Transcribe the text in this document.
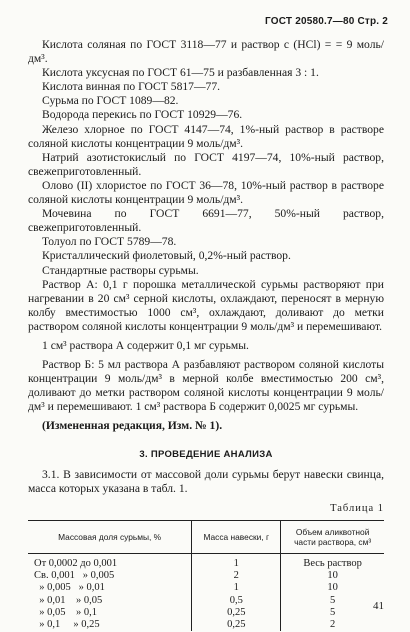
ГОСТ 20580.7—80 Стр. 2

Кислота соляная по ГОСТ 3118—77 и раствор с (HCl) = = 9 моль/дм³.

Кислота уксусная по ГОСТ 61—75 и разбавленная 3 : 1.

Кислота винная по ГОСТ 5817—77.

Сурьма по ГОСТ 1089—82.

Водорода перекись по ГОСТ 10929—76.

Железо хлорное по ГОСТ 4147—74, 1%-ный раствор в растворе соляной кислоты концентрации 9 моль/дм³.

Натрий азотистокислый по ГОСТ 4197—74, 10%-ный раствор, свежеприготовленный.

Олово (II) хлористое по ГОСТ 36—78, 10%-ный раствор в растворе соляной кислоты концентрации 9 моль/дм³.

Мочевина по ГОСТ 6691—77, 50%-ный раствор, свежеприготовленный.

Толуол по ГОСТ 5789—78.

Кристаллический фиолетовый, 0,2%-ный раствор.

Стандартные растворы сурьмы.

Раствор А: 0,1 г порошка металлической сурьмы растворяют при нагревании в 20 см³ серной кислоты, охлаждают, переносят в мерную колбу вместимостью 1000 см³, охлаждают, доливают до метки раствором соляной кислоты концентрации 9 моль/дм³ и перемешивают.

1 см³ раствора А содержит 0,1 мг сурьмы.

Раствор Б: 5 мл раствора А разбавляют раствором соляной кислоты концентрации 9 моль/дм³ в мерной колбе вместимостью 200 см³, доливают до метки раствором соляной кислоты концентрации 9 моль/дм³ и перемешивают. 1 см³ раствора Б содержит 0,0025 мг сурьмы.

(Измененная редакция, Изм. № 1).

3. ПРОВЕДЕНИЕ АНАЛИЗА

3.1. В зависимости от массовой доли сурьмы берут навески свинца, масса которых указана в табл. 1.

Таблица 1
Массовая доля сурьмы, %	Масса навески, г	Объем аликвотной части раствора, см³
От 0,0002 до 0,001	1	Весь раствор
Св. 0,001   » 0,005	2	10
» 0,005   » 0,01	1	10
» 0,01    » 0,05	0,5	5
» 0,05    » 0,1	0,25	5
» 0,1     » 0,25	0,25	2
41
